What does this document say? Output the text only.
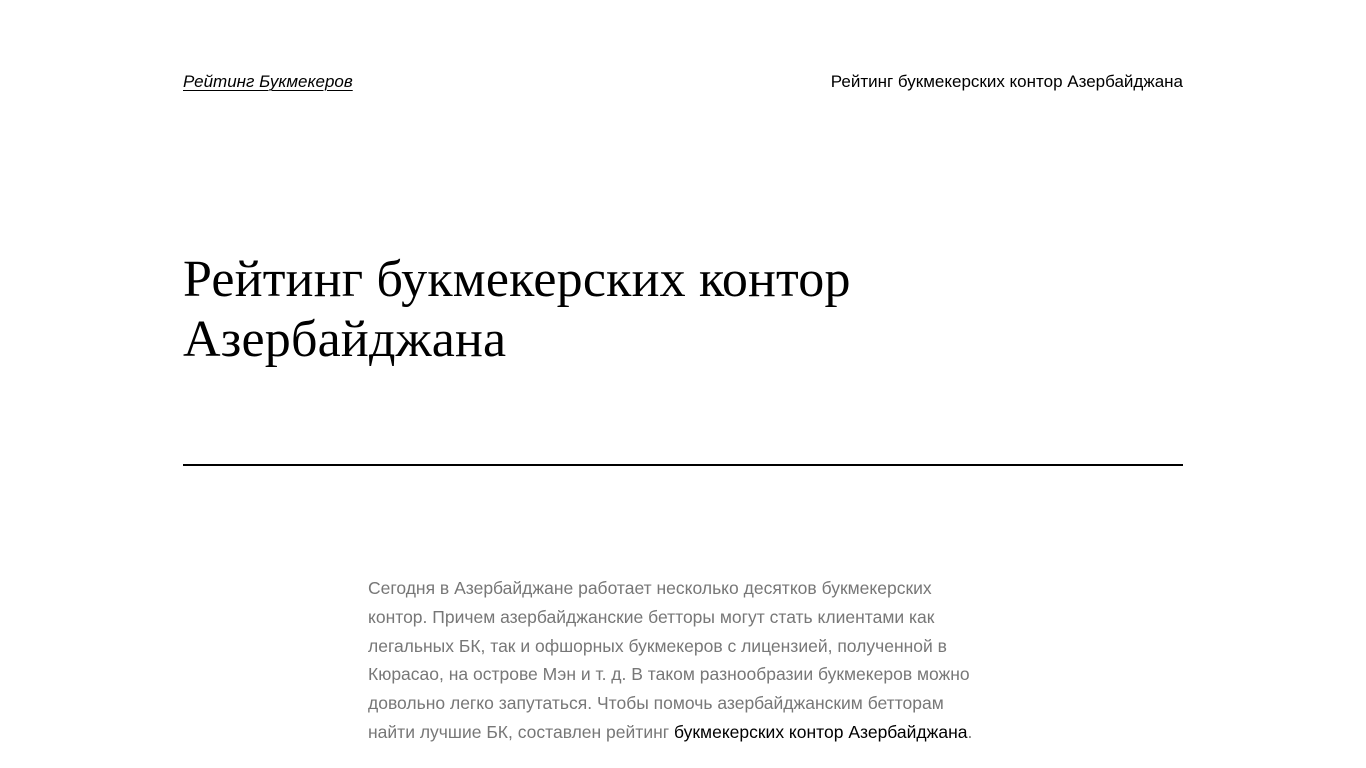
Рейтинг Букмекеров	Рейтинг букмекерских контор Азербайджана
Рейтинг букмекерских контор Азербайджана

Сегодня в Азербайджане работает несколько десятков букмекерских контор. Причем азербайджанские бетторы могут стать клиентами как легальных БК, так и офшорных букмекеров с лицензией, полученной в Кюрасао, на острове Мэн и т. д. В таком разнообразии букмекеров можно довольно легко запутаться. Чтобы помочь азербайджанским бетторам найти лучшие БК, составлен рейтинг букмекерских контор Азербайджана.
